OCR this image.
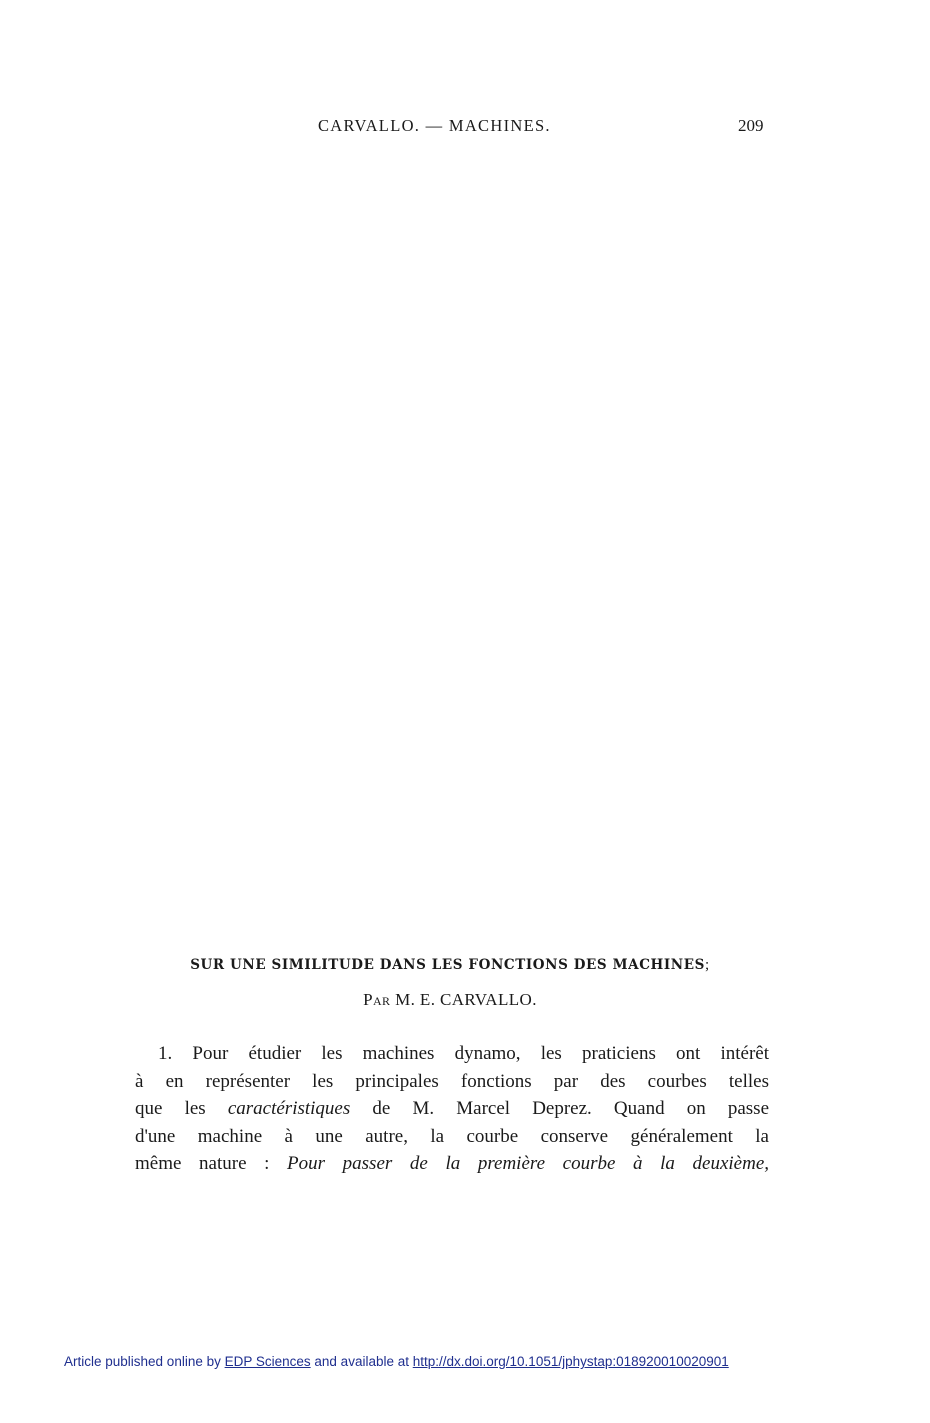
CARVALLO. — MACHINES.	209
SUR UNE SIMILITUDE DANS LES FONCTIONS DES MACHINES;
PAR M. E. CARVALLO.
1. Pour étudier les machines dynamo, les praticiens ont intérêt
à en représenter les principales fonctions par des courbes telles
que les caractéristiques de M. Marcel Deprez. Quand on passe
d'une machine à une autre, la courbe conserve généralement la
même nature : Pour passer de la première courbe à la deuxième,
Article published online by EDP Sciences and available at http://dx.doi.org/10.1051/jphystap:018920010020901
